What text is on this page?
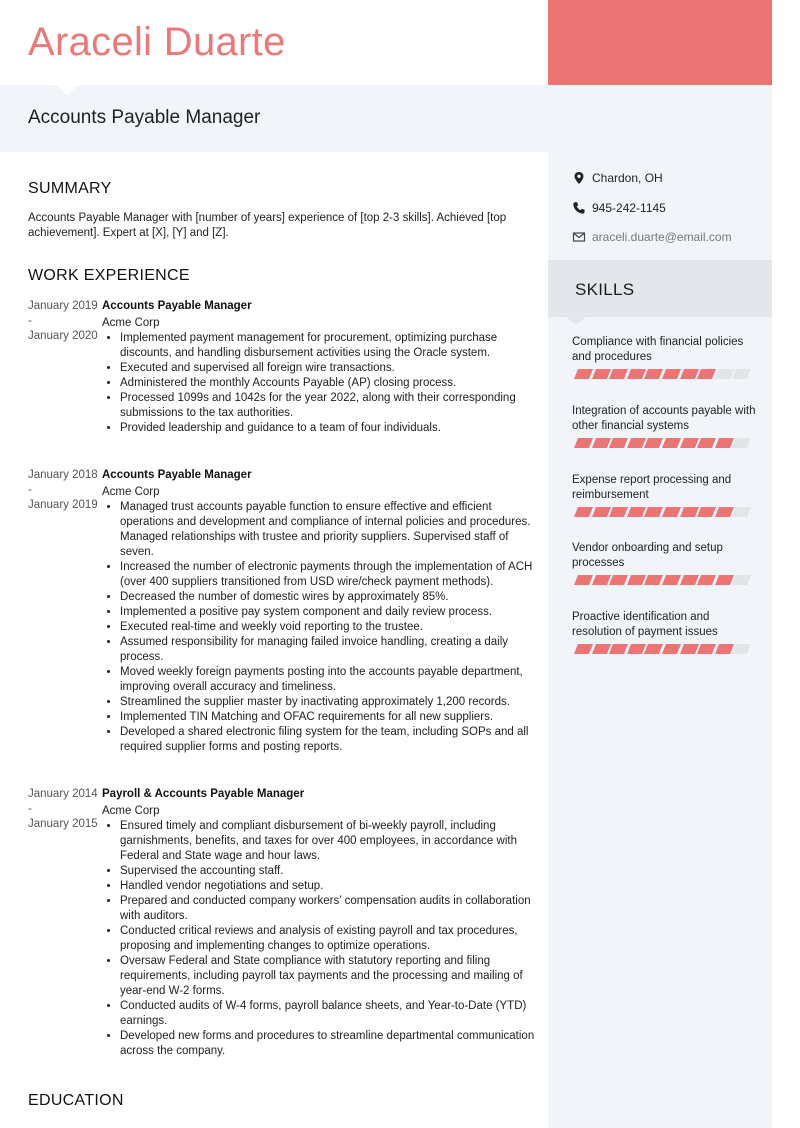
Araceli Duarte
Accounts Payable Manager
Chardon, OH
945-242-1145
araceli.duarte@email.com
SKILLS
Compliance with financial policies and procedures
Integration of accounts payable with other financial systems
Expense report processing and reimbursement
Vendor onboarding and setup processes
Proactive identification and resolution of payment issues
SUMMARY

Accounts Payable Manager with [number of years] experience of [top 2-3 skills]. Achieved [top achievement]. Expert at [X], [Y] and [Z].

WORK EXPERIENCE
January 2019
-
January 2020
Accounts Payable Manager
Acme Corp
• Implemented payment management for procurement, optimizing purchase discounts, and handling disbursement activities using the Oracle system.
• Executed and supervised all foreign wire transactions.
• Administered the monthly Accounts Payable (AP) closing process.
• Processed 1099s and 1042s for the year 2022, along with their corresponding submissions to the tax authorities.
• Provided leadership and guidance to a team of four individuals.
January 2018
-
January 2019
Accounts Payable Manager
Acme Corp
• Managed trust accounts payable function to ensure effective and efficient operations and development and compliance of internal policies and procedures. Managed relationships with trustee and priority suppliers. Supervised staff of seven.
• Increased the number of electronic payments through the implementation of ACH (over 400 suppliers transitioned from USD wire/check payment methods).
• Decreased the number of domestic wires by approximately 85%.
• Implemented a positive pay system component and daily review process.
• Executed real-time and weekly void reporting to the trustee.
• Assumed responsibility for managing failed invoice handling, creating a daily process.
• Moved weekly foreign payments posting into the accounts payable department, improving overall accuracy and timeliness.
• Streamlined the supplier master by inactivating approximately 1,200 records.
• Implemented TIN Matching and OFAC requirements for all new suppliers.
• Developed a shared electronic filing system for the team, including SOPs and all required supplier forms and posting reports.
January 2014
-
January 2015
Payroll & Accounts Payable Manager
Acme Corp
• Ensured timely and compliant disbursement of bi-weekly payroll, including garnishments, benefits, and taxes for over 400 employees, in accordance with Federal and State wage and hour laws.
• Supervised the accounting staff.
• Handled vendor negotiations and setup.
• Prepared and conducted company workers’ compensation audits in collaboration with auditors.
• Conducted critical reviews and analysis of existing payroll and tax procedures, proposing and implementing changes to optimize operations.
• Oversaw Federal and State compliance with statutory reporting and filing requirements, including payroll tax payments and the processing and mailing of year-end W-2 forms.
• Conducted audits of W-4 forms, payroll balance sheets, and Year-to-Date (YTD) earnings.
• Developed new forms and procedures to streamline departmental communication across the company.
EDUCATION
